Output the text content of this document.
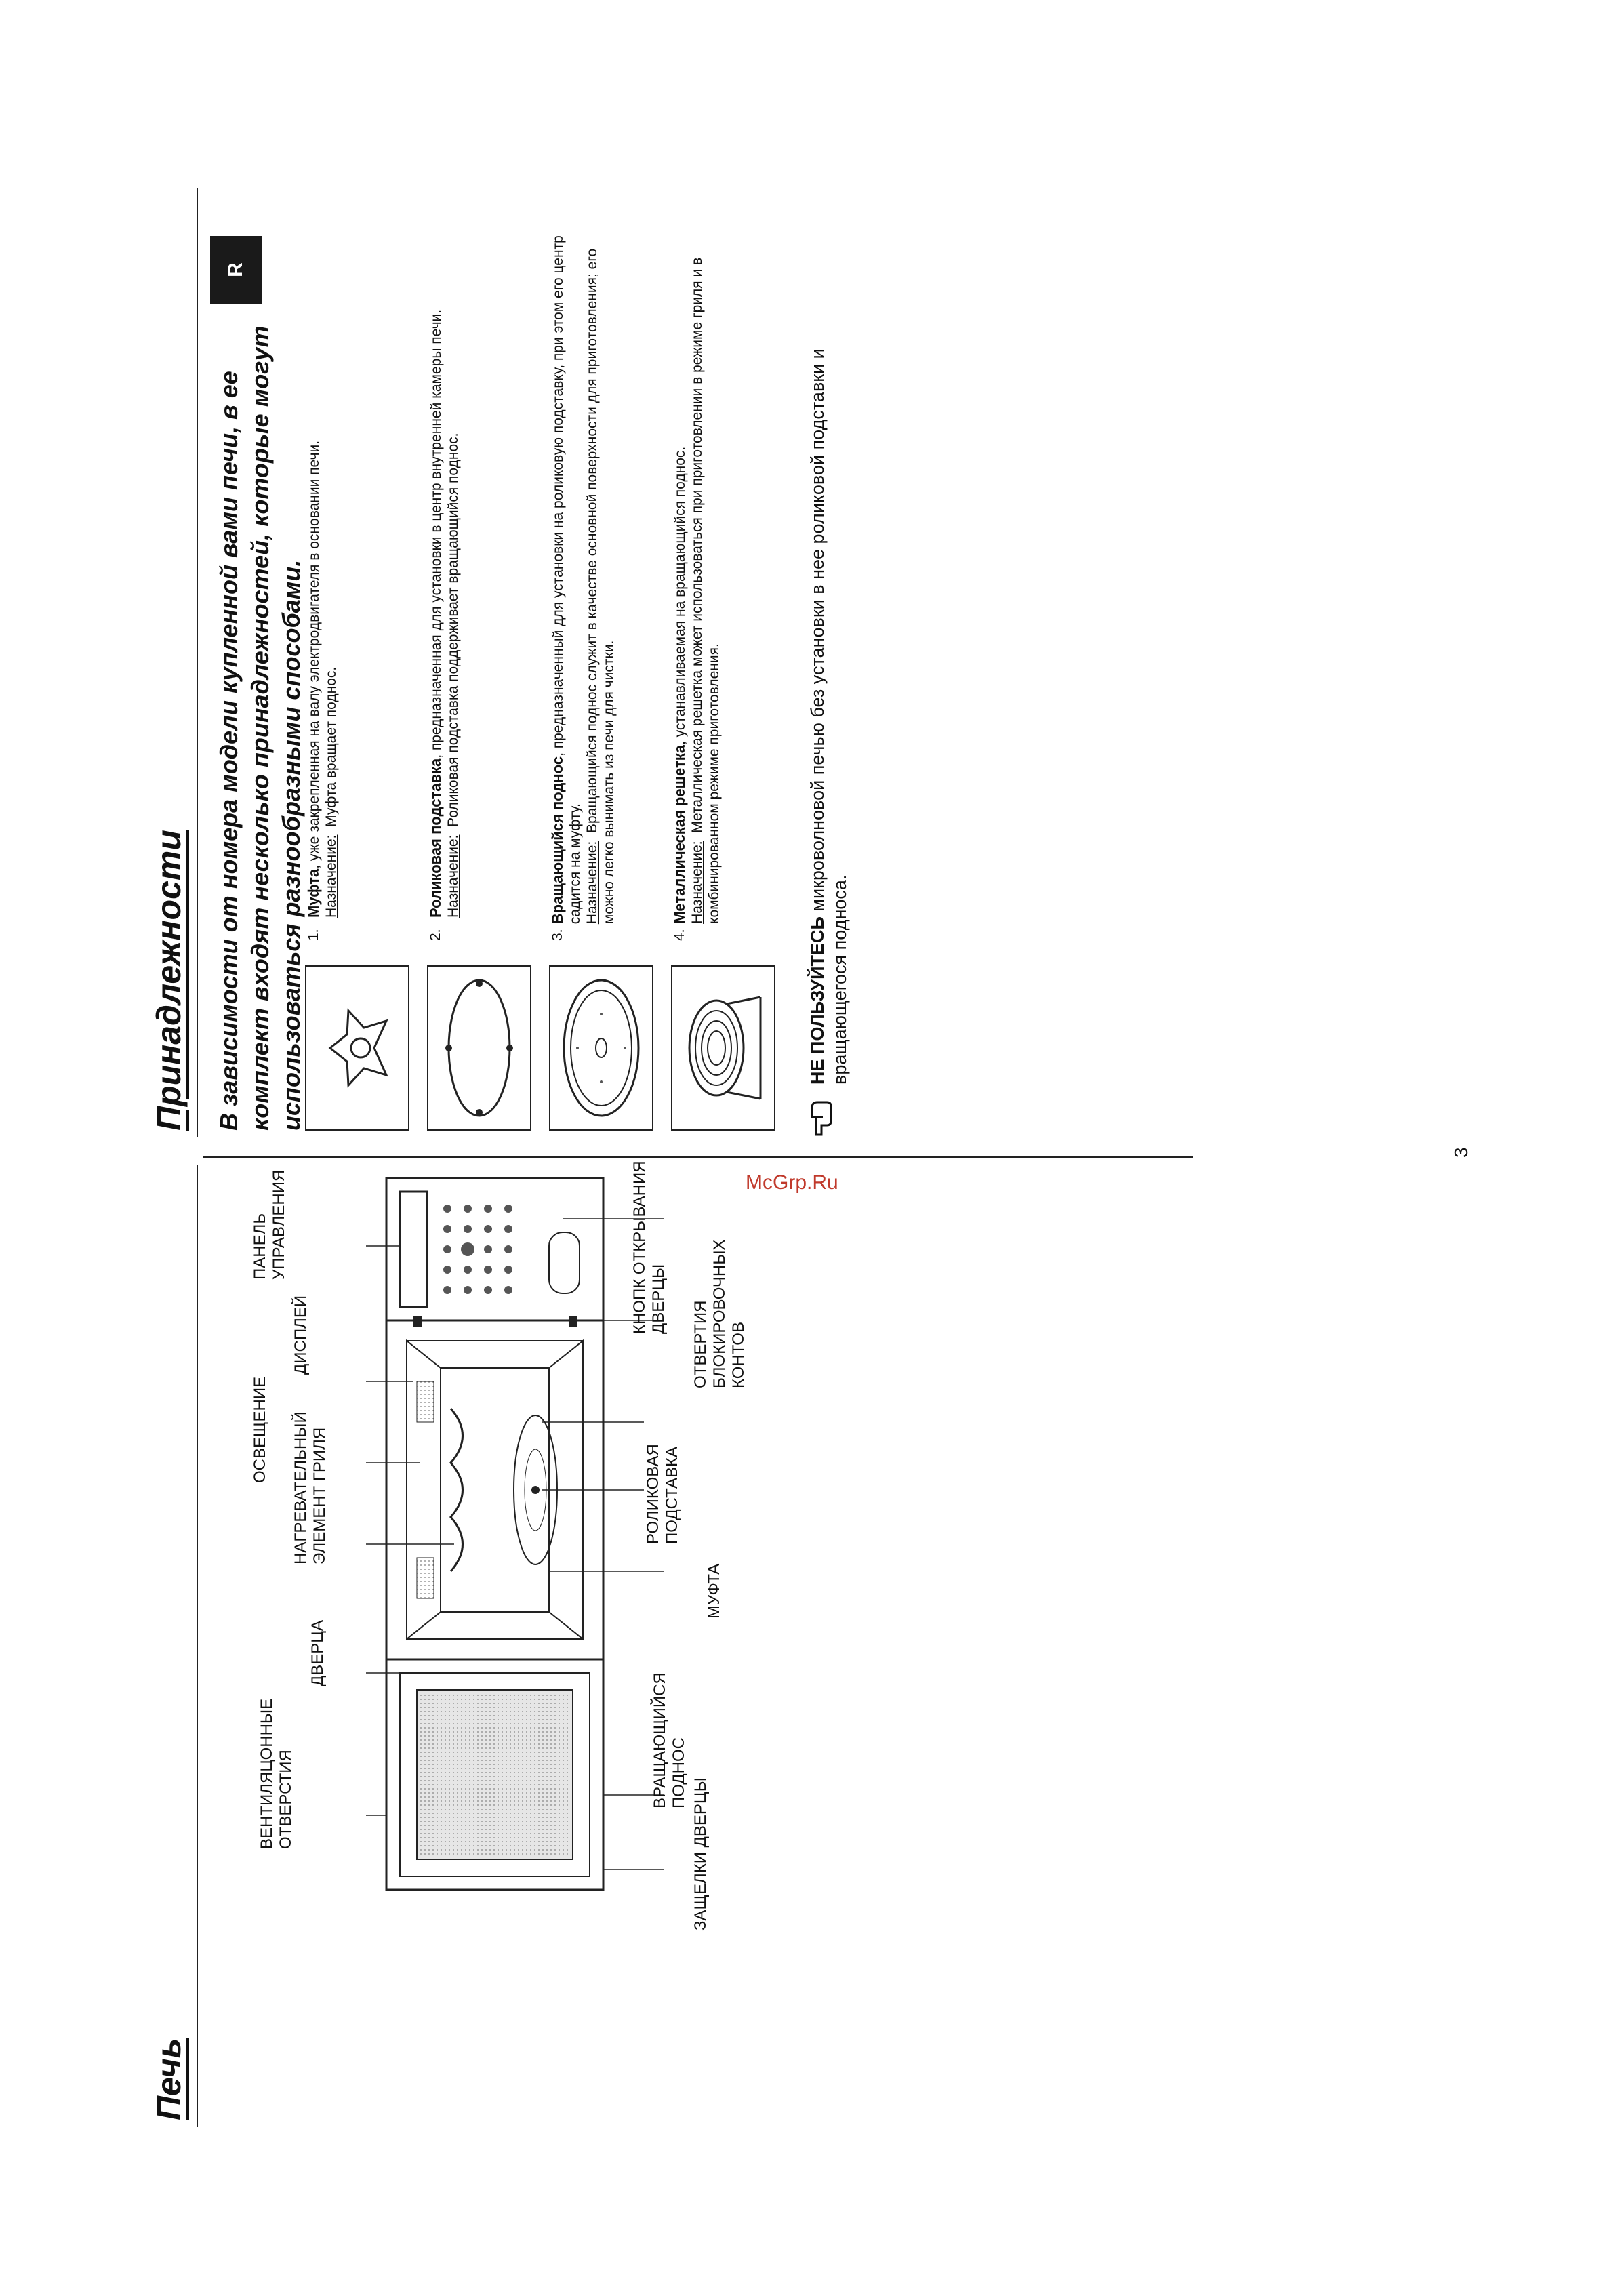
Печь
ВЕНТИЛЯЦОННЫЕ
ОТВЕРСТИЯ
ДВЕРЦА
НАГРЕВАТЕЛЬНЫЙ
ЭЛЕМЕНТ ГРИЛЯ
ОСВЕЩЕНИЕ
ДИСПЛЕЙ
ПАНЕЛЬ
УПРАВЛЕНИЯ
ЗАЩЕЛКИ ДВЕРЦЫ
ВРАЩАЮЩИЙСЯ
ПОДНОС
МУФТА
РОЛИКОВАЯ
ПОДСТАВКА
ОТВЕРТИЯ
БЛОКИРОВОЧНЫХ
КОНТОВ
КНОПК ОТКРЫВАНИЯ
ДВЕРЦЫ
Принадлежности В зависимости от номера модели купленной вами печи, в ее комплект входят несколько принадлежностей, которые могут использоваться разнообразными способами. 1.
Муфта, уже закрепленная на валу электродвигателя в основании печи.
Назначение:  Муфта вращает поднос.
2.
Роликовая подставка, предназначенная для установки в центр внутренней камеры печи.
Назначение:  Роликовая подставка поддерживает вращающийся поднос.
3.
Вращающийся поднос, предназначенный для установки на роликовую подставку, при этом его центр садится на муфту.
Назначение:  Вращающийся поднос служит в качестве основной поверхности для приготовления; его можно легко вынимать из печи для чистки.
4.
Металлическая решетка, устанавливаемая на вращающийся поднос.
Назначение:  Металлическая решетка может использоваться при приготовлении в режиме гриля и в комбинированном режиме приготовления.
НЕ ПОЛЬЗУЙТЕСЬ микроволновой печью без установки в нее роликовой подставки и вращающегося подноса.
R
McGrp.Ru
3
